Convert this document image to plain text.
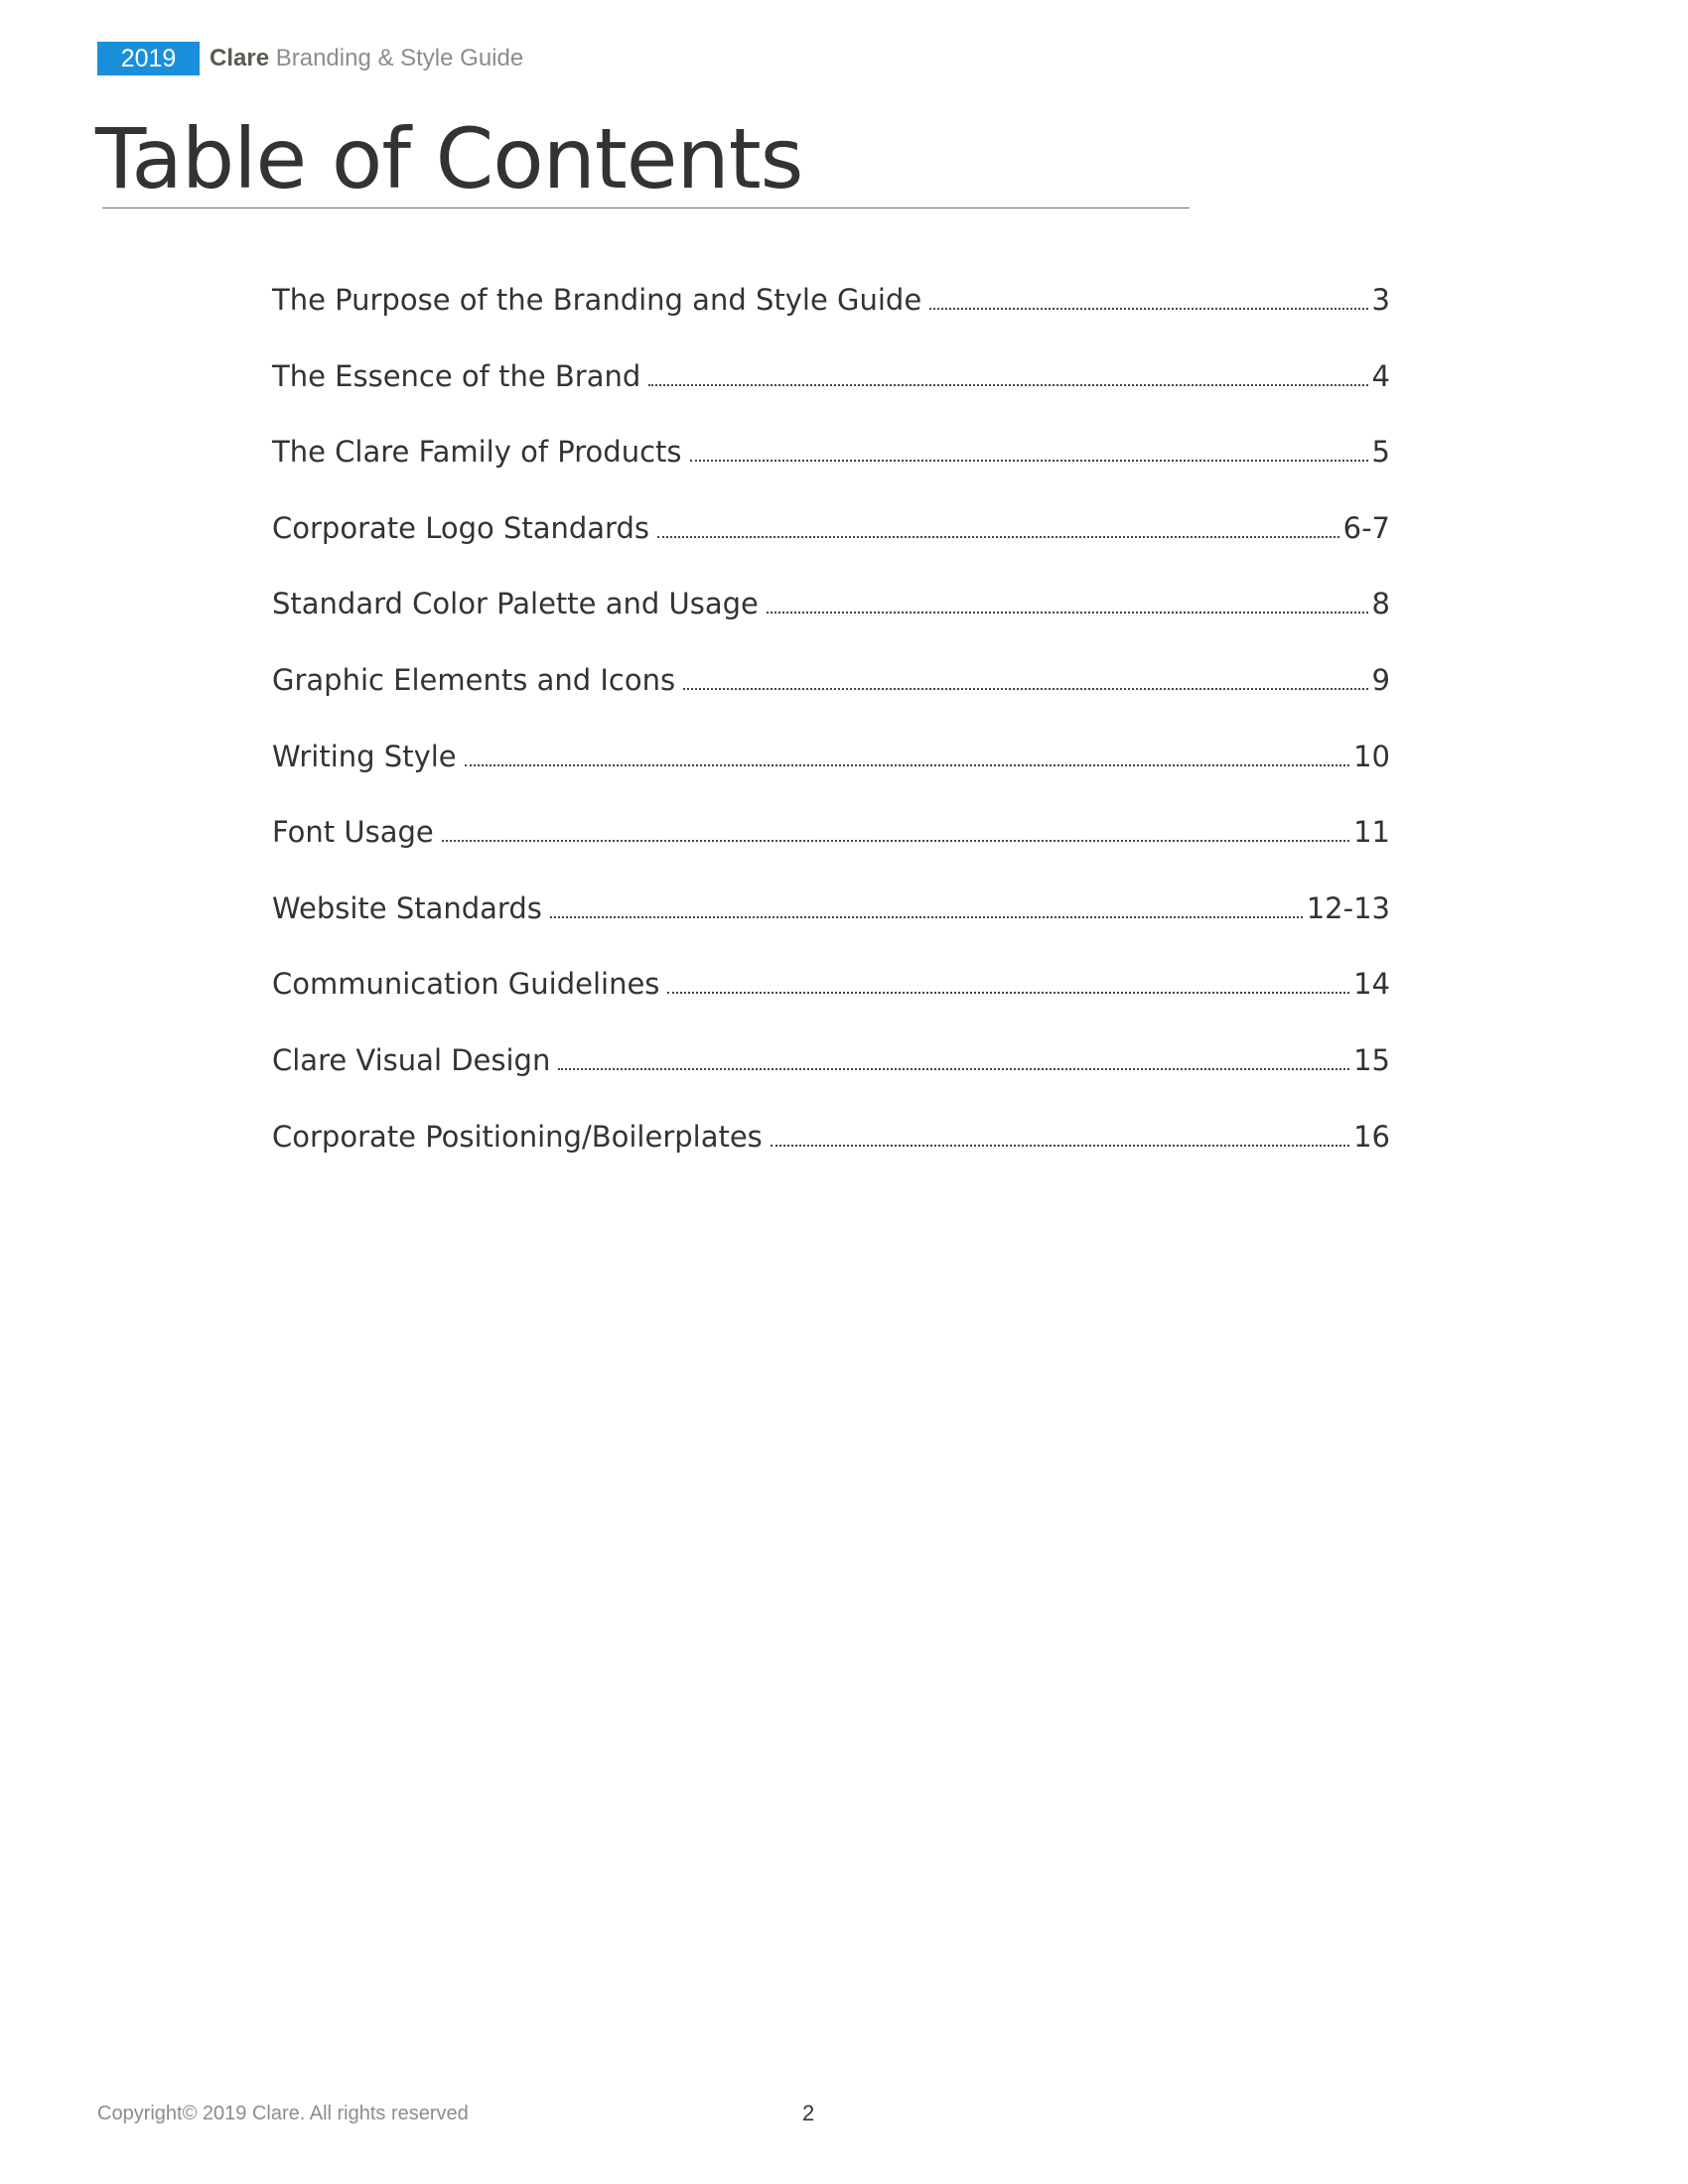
2019	Clare Branding & Style Guide
Table of Contents
The Purpose of the Branding and Style Guide	3
The Essence of the Brand	4
The Clare Family of Products	5
Corporate Logo Standards	6-7
Standard Color Palette and Usage	8
Graphic Elements and Icons	9
Writing Style	10
Font Usage	11
Website Standards	12-13
Communication Guidelines	14
Clare Visual Design	15
Corporate Positioning/Boilerplates	16
Copyright© 2019 Clare. All rights reserved	2
